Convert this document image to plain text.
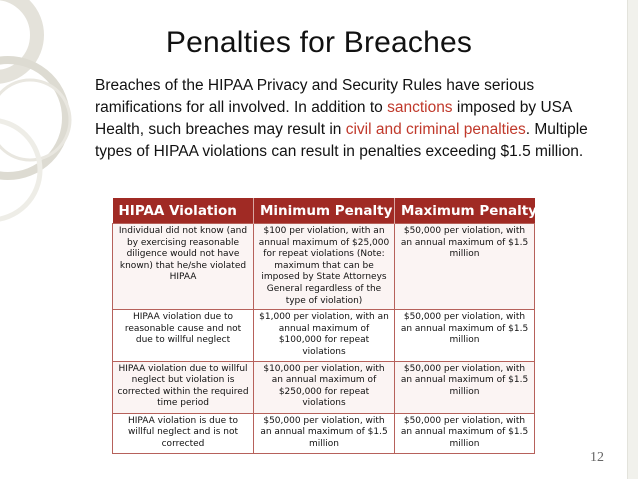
Penalties for Breaches
Breaches of the HIPAA Privacy and Security Rules have serious ramifications for all involved. In addition to sanctions imposed by USA Health, such breaches may result in civil and criminal penalties. Multiple types of HIPAA violations can result in penalties exceeding $1.5 million.
HIPAA Violation	Minimum Penalty	Maximum Penalty
Individual did not know (and by exercising reasonable diligence would not have known) that he/she violated HIPAA	$100 per violation, with an annual maximum of $25,000 for repeat violations (Note: maximum that can be imposed by State Attorneys General regardless of the type of violation)	$50,000 per violation, with an annual maximum of $1.5 million
HIPAA violation due to reasonable cause and not due to willful neglect	$1,000 per violation, with an annual maximum of $100,000 for repeat violations	$50,000 per violation, with an annual maximum of $1.5 million
HIPAA violation due to willful neglect but violation is corrected within the required time period	$10,000 per violation, with an annual maximum of $250,000 for repeat violations	$50,000 per violation, with an annual maximum of $1.5 million
HIPAA violation is due to willful neglect and is not corrected	$50,000 per violation, with an annual maximum of $1.5 million	$50,000 per violation, with an annual maximum of $1.5 million
12
